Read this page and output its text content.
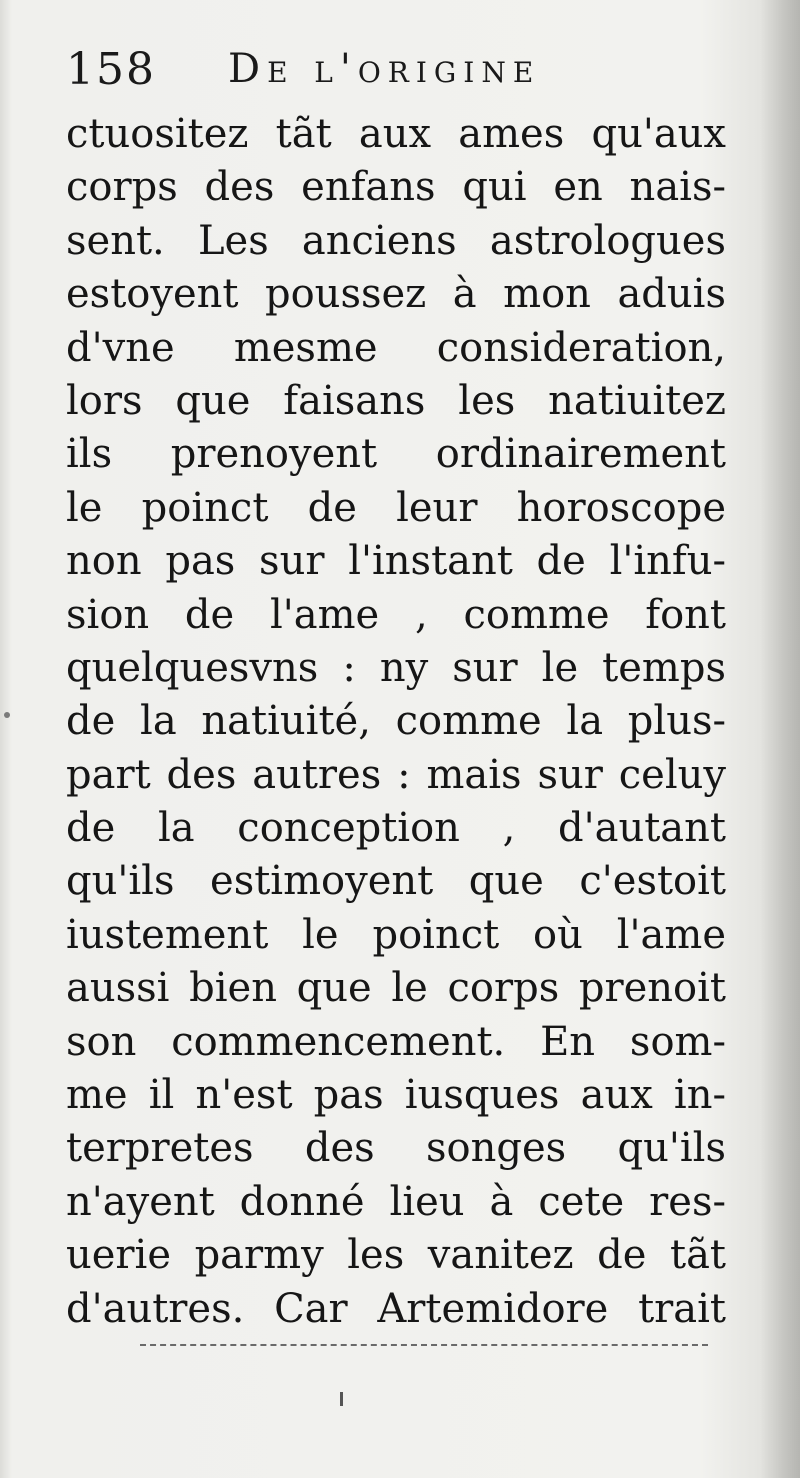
158 De l'origine
ctuositez tãt aux ames qu'aux
corps des enfans qui en nais-
sent. Les anciens astrologues
estoyent poussez à mon aduis
d'vne mesme consideration,
lors que faisans les natiuitez
ils prenoyent ordinairement
le poinct de leur horoscope
non pas sur l'instant de l'infu-
sion de l'ame , comme font
quelquesvns : ny sur le temps
de la natiuité, comme la plus-
part des autres : mais sur celuy
de la conception , d'autant
qu'ils estimoyent que c'estoit
iustement le poinct où l'ame
aussi bien que le corps prenoit
son commencement. En som-
me il n'est pas iusques aux in-
terpretes des songes qu'ils
n'ayent donné lieu à cete res-
uerie parmy les vanitez de tãt
d'autres. Car Artemidore trait
